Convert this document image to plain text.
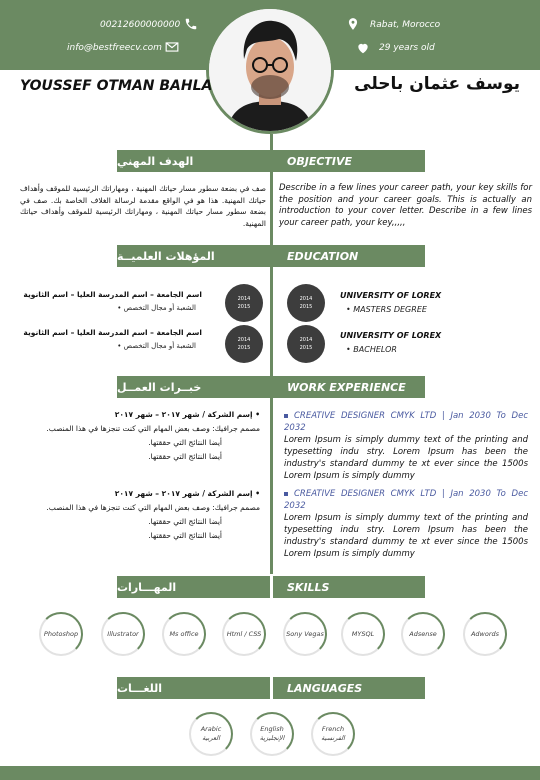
00212600000000
info@bestfreecv.com
Rabat, Morocco
29 years old
YOUSSEF OTMAN BAHLA	يوسف عثمان باحلى
الهدف المهني	OBJECTIVE
صف في بضعة سطور مسار حياتك المهنية ، ومهاراتك الرئيسية للموقف وأهداف حياتك المهنية. هذا هو في الواقع مقدمة لرسالة الغلاف الخاصة بك. صف في بضعة سطور مسار حياتك المهنية ، ومهاراتك الرئيسية للموقف وأهداف حياتك المهنية.
Describe in a few lines your career path, your key skills for the position and your career goals. This is actually an introduction to your cover letter. Describe in a few lines your career path, your key,,,,,
المؤهلات العلميــة	EDUCATION
اسم الجامعة – اسم المدرسة العليا – اسم الثانوية
الشعبة أو مجال التخصص •
2014
2015
2014
2015
UNIVERSITY OF LOREX
• MASTERS DEGREE
اسم الجامعة – اسم المدرسة العليا – اسم الثانوية
الشعبة أو مجال التخصص •
2014
2015
2014
2015
UNIVERSITY OF LOREX
• BACHELOR
خبــرات العمــل	WORK EXPERIENCE
• إسم الشركة / شهر ٢٠١٧ – شهر ٢٠١٧
مصمم جرافيك: وصف بعض المهام التي كنت تنجزها في هذا المنصب.
أيضا النتائج التي حققتها.
أيضا النتائج التي حققتها.
CREATIVE DESIGNER CMYK LTD | Jan 2030 To Dec 2032
Lorem Ipsum is simply dummy text of the printing and typesetting indu stry. Lorem Ipsum has been the industry's standard dummy te xt ever since the 1500s Lorem Ipsum is simply dummy
• إسم الشركة / شهر ٢٠١٧ – شهر ٢٠١٧
مصمم جرافيك: وصف بعض المهام التي كنت تنجزها في هذا المنصب.
أيضا النتائج التي حققتها.
أيضا النتائج التي حققتها.
CREATIVE DESIGNER CMYK LTD | Jan 2030 To Dec 2032
Lorem Ipsum is simply dummy text of the printing and typesetting indu stry. Lorem Ipsum has been the industry's standard dummy te xt ever since the 1500s Lorem Ipsum is simply dummy
المهـــارات	SKILLS
Photoshop	Illustrator	Ms office	Html / CSS	Sony Vegas	MYSQL	Adsense	Adwords
اللغـــات	LANGUAGES
Arabic
العربية
English
الإنجليزية
French
الفرنسية
